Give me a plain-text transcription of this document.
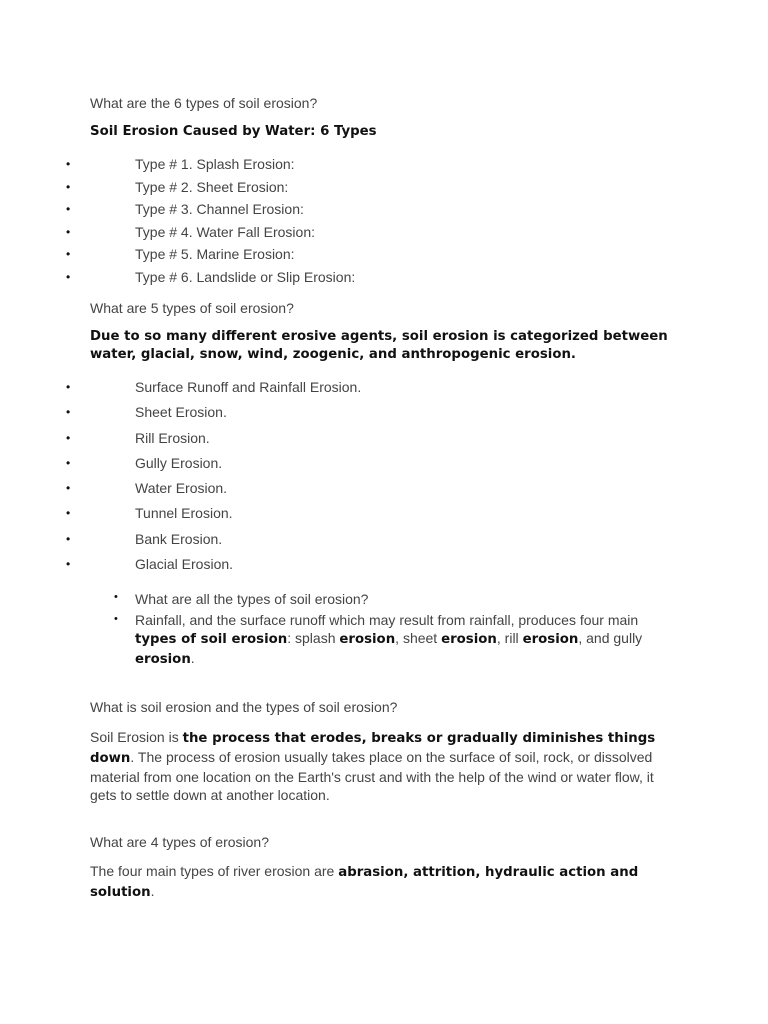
What are the 6 types of soil erosion?

Soil Erosion Caused by Water: 6 Types

•	Type # 1. Splash Erosion:
•	Type # 2. Sheet Erosion:
•	Type # 3. Channel Erosion:
•	Type # 4. Water Fall Erosion:
•	Type # 5. Marine Erosion:
•	Type # 6. Landslide or Slip Erosion:

What are 5 types of soil erosion?

Due to so many different erosive agents, soil erosion is categorized between water, glacial, snow, wind, zoogenic, and anthropogenic erosion.

•	Surface Runoff and Rainfall Erosion.
•	Sheet Erosion.
•	Rill Erosion.
•	Gully Erosion.
•	Water Erosion.
•	Tunnel Erosion.
•	Bank Erosion.
•	Glacial Erosion.
• What are all the types of soil erosion?
• Rainfall, and the surface runoff which may result from rainfall, produces four main types of soil erosion: splash erosion, sheet erosion, rill erosion, and gully erosion.

What is soil erosion and the types of soil erosion?

Soil Erosion is the process that erodes, breaks or gradually diminishes things down. The process of erosion usually takes place on the surface of soil, rock, or dissolved material from one location on the Earth's crust and with the help of the wind or water flow, it gets to settle down at another location.

What are 4 types of erosion?

The four main types of river erosion are abrasion, attrition, hydraulic action and solution.
